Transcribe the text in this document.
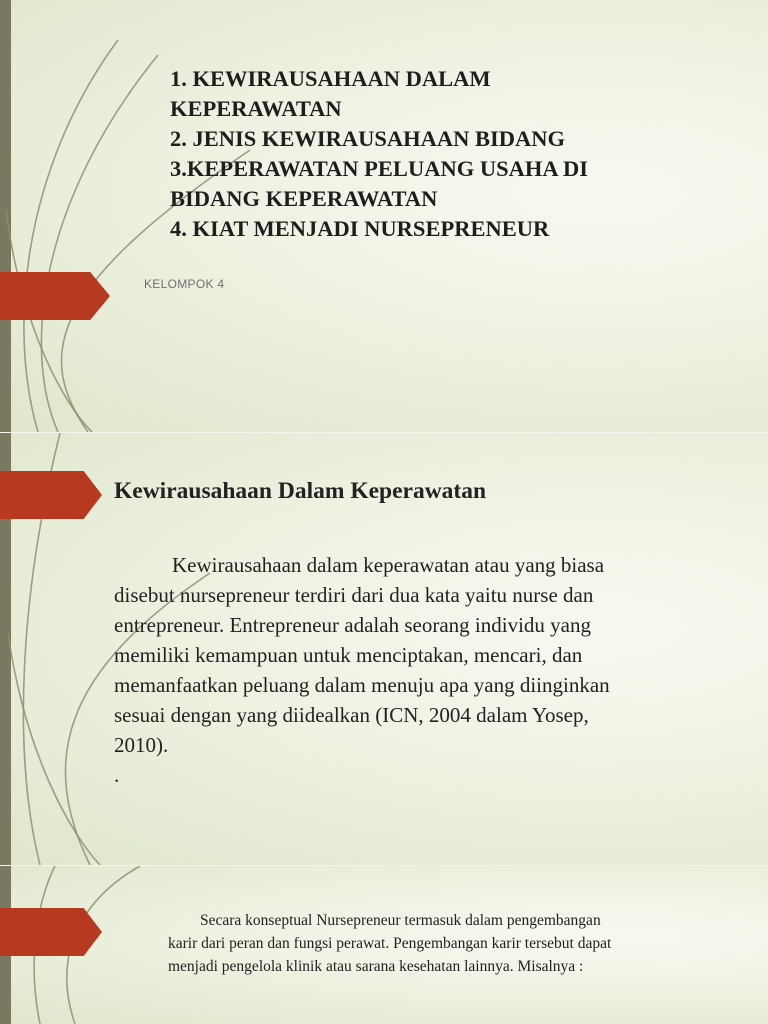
1. KEWIRAUSAHAAN DALAM
KEPERAWATAN
2. JENIS KEWIRAUSAHAAN BIDANG
3.KEPERAWATAN PELUANG USAHA DI
BIDANG KEPERAWATAN
4. KIAT MENJADI NURSEPRENEUR

KELOMPOK 4

Kewirausahaan Dalam Keperawatan
Kewirausahaan dalam keperawatan atau yang biasa
disebut nursepreneur terdiri dari dua kata yaitu nurse dan
entrepreneur. Entrepreneur adalah seorang individu yang
memiliki kemampuan untuk menciptakan, mencari, dan
memanfaatkan peluang dalam menuju apa yang diinginkan
sesuai dengan yang diidealkan (ICN, 2004 dalam Yosep,
2010).
.
Secara konseptual Nursepreneur termasuk dalam pengembangan
karir dari peran dan fungsi perawat. Pengembangan karir tersebut dapat
menjadi pengelola klinik atau sarana kesehatan lainnya. Misalnya :
